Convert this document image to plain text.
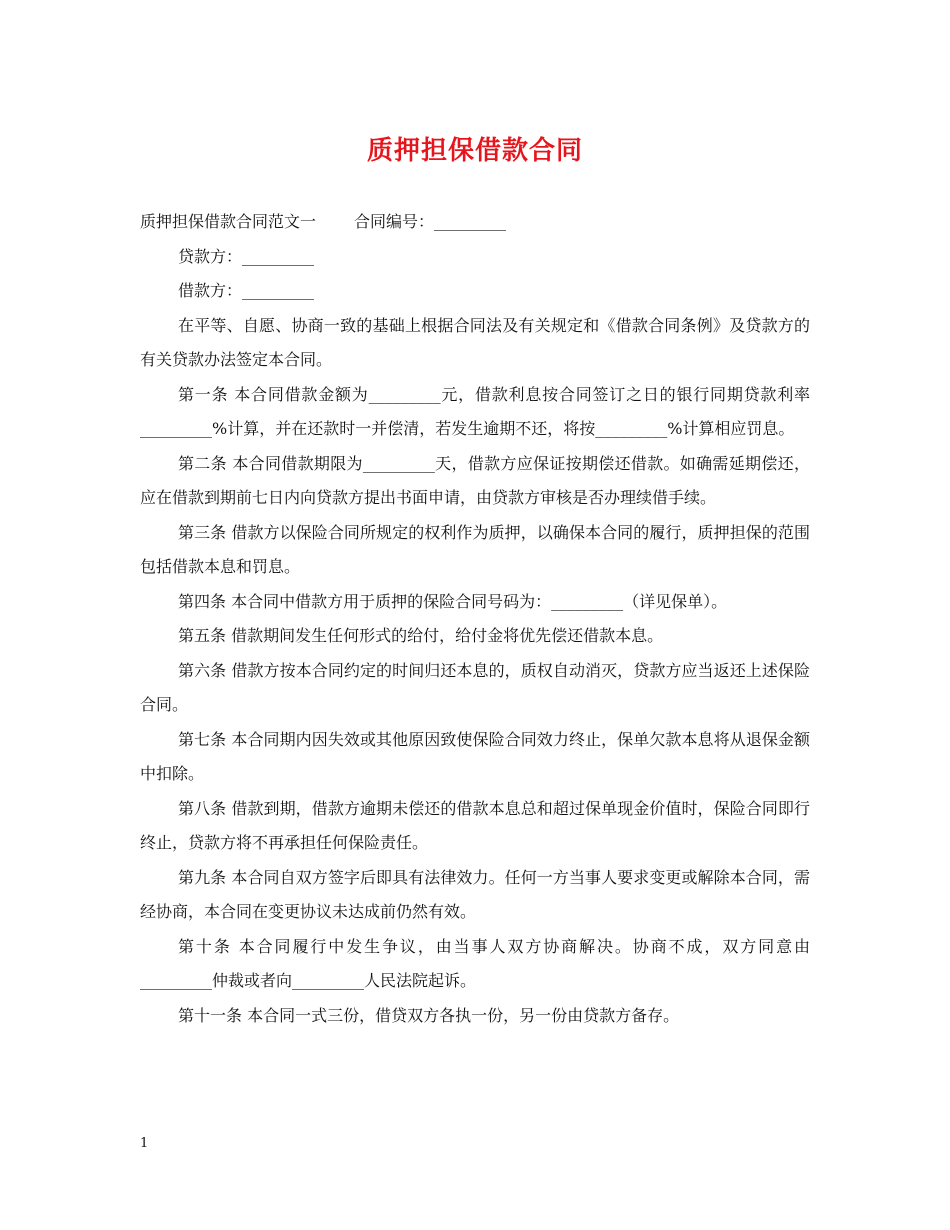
质押担保借款合同

质押担保借款合同范文一 合同编号：_________

贷款方：_________

借款方：_________

在平等、自愿、协商一致的基础上根据合同法及有关规定和《借款合同条例》及贷款方的有关贷款办法签定本合同。

第一条 本合同借款金额为_________元，借款利息按合同签订之日的银行同期贷款利率_________%计算，并在还款时一并偿清，若发生逾期不还，将按_________%计算相应罚息。

第二条 本合同借款期限为_________天，借款方应保证按期偿还借款。如确需延期偿还，应在借款到期前七日内向贷款方提出书面申请，由贷款方审核是否办理续借手续。

第三条 借款方以保险合同所规定的权利作为质押，以确保本合同的履行，质押担保的范围包括借款本息和罚息。

第四条 本合同中借款方用于质押的保险合同号码为：_________（详见保单）。

第五条 借款期间发生任何形式的给付，给付金将优先偿还借款本息。

第六条 借款方按本合同约定的时间归还本息的，质权自动消灭，贷款方应当返还上述保险合同。

第七条 本合同期内因失效或其他原因致使保险合同效力终止，保单欠款本息将从退保金额中扣除。

第八条 借款到期，借款方逾期未偿还的借款本息总和超过保单现金价值时，保险合同即行终止，贷款方将不再承担任何保险责任。

第九条 本合同自双方签字后即具有法律效力。任何一方当事人要求变更或解除本合同，需经协商，本合同在变更协议未达成前仍然有效。

第十条 本合同履行中发生争议，由当事人双方协商解决。协商不成，双方同意由_________仲裁或者向_________人民法院起诉。

第十一条 本合同一式三份，借贷双方各执一份，另一份由贷款方备存。

1
